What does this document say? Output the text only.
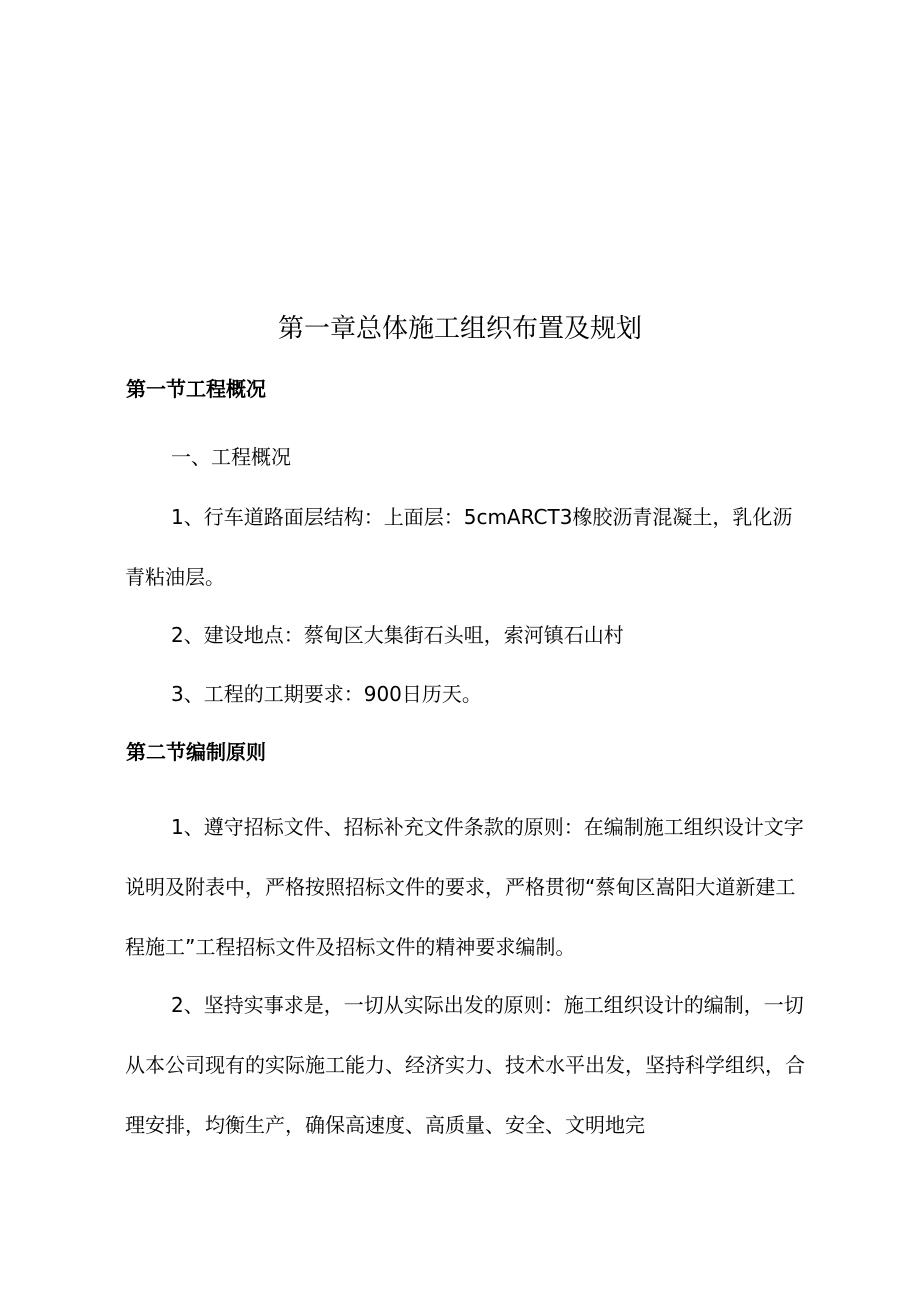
第一章总体施工组织布置及规划
第一节工程概况

一、工程概况

1、行车道路面层结构：上面层：5cmARCT3橡胶沥青混凝土，乳化沥青粘油层。

2、建设地点：蔡甸区大集街石头咀，索河镇石山村

3、工程的工期要求：900日历天。

第二节编制原则

1、遵守招标文件、招标补充文件条款的原则：在编制施工组织设计文字说明及附表中，严格按照招标文件的要求，严格贯彻“蔡甸区嵩阳大道新建工程施工”工程招标文件及招标文件的精神要求编制。

2、坚持实事求是，一切从实际出发的原则：施工组织设计的编制，一切从本公司现有的实际施工能力、经济实力、技术水平出发，坚持科学组织，合理安排，均衡生产，确保高速度、高质量、安全、文明地完
